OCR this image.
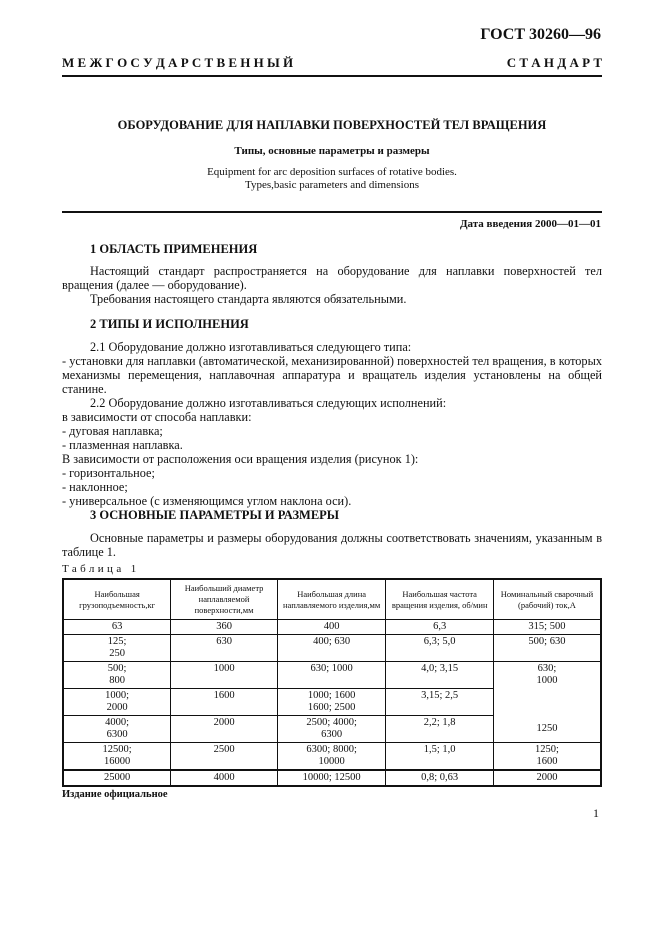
ГОСТ 30260—96
М Е Ж Г О С У Д А Р С Т В Е Н Н Ы Й	С Т А Н Д А Р Т
ОБОРУДОВАНИЕ ДЛЯ НАПЛАВКИ ПОВЕРХНОСТЕЙ ТЕЛ ВРАЩЕНИЯ
Типы, основные параметры и размеры
Equipment for arc deposition surfaces of rotative bodies.
Types,basic parameters and dimensions
Дата введения 2000—01—01
1 ОБЛАСТЬ ПРИМЕНЕНИЯ

Настоящий стандарт распространяется на оборудование для наплавки поверхностей тел вращения (далее — оборудование).

Требования настоящего стандарта являются обязательными.

2 ТИПЫ И ИСПОЛНЕНИЯ

2.1 Оборудование должно изготавливаться следующего типа:

- установки для наплавки (автоматической, механизированной) поверхностей тел вращения, в которых механизмы перемещения, наплавочная аппаратура и вращатель изделия установлены на общей станине.

2.2 Оборудование должно изготавливаться следующих исполнений:

в зависимости от способа наплавки:

- дуговая наплавка;

- плазменная наплавка.

В зависимости от расположения оси вращения изделия (рисунок 1):

- горизонтальное;

- наклонное;

- универсальное (с изменяющимся углом наклона оси).

3 ОСНОВНЫЕ ПАРАМЕТРЫ И РАЗМЕРЫ

Основные параметры и размеры оборудования должны соответствовать значениям, указанным в таблице 1.

Таблица 1
Наибольшая грузоподъемность,кг	Наибольший диаметр наплавляемой поверхности,мм	Наибольшая длина наплавляемого изделия,мм	Наибольшая частота вращения изделия, об/мин	Номинальный сварочный (рабочий) ток,А
63	360	400	6,3	315; 500
125;
250	630	400; 630	6,3; 5,0	500; 630
500;
800	1000	630; 1000	4,0; 3,15	630;
1000
1000;
2000	1600	1000; 1600
1600; 2500	3,15; 2,5	
4000;
6300	2000	2500; 4000;
6300	2,2; 1,8	1250
12500;
16000	2500	6300; 8000;
10000	1,5; 1,0	1250;
1600
25000	4000	10000; 12500	0,8; 0,63	2000
Издание официальное
1
